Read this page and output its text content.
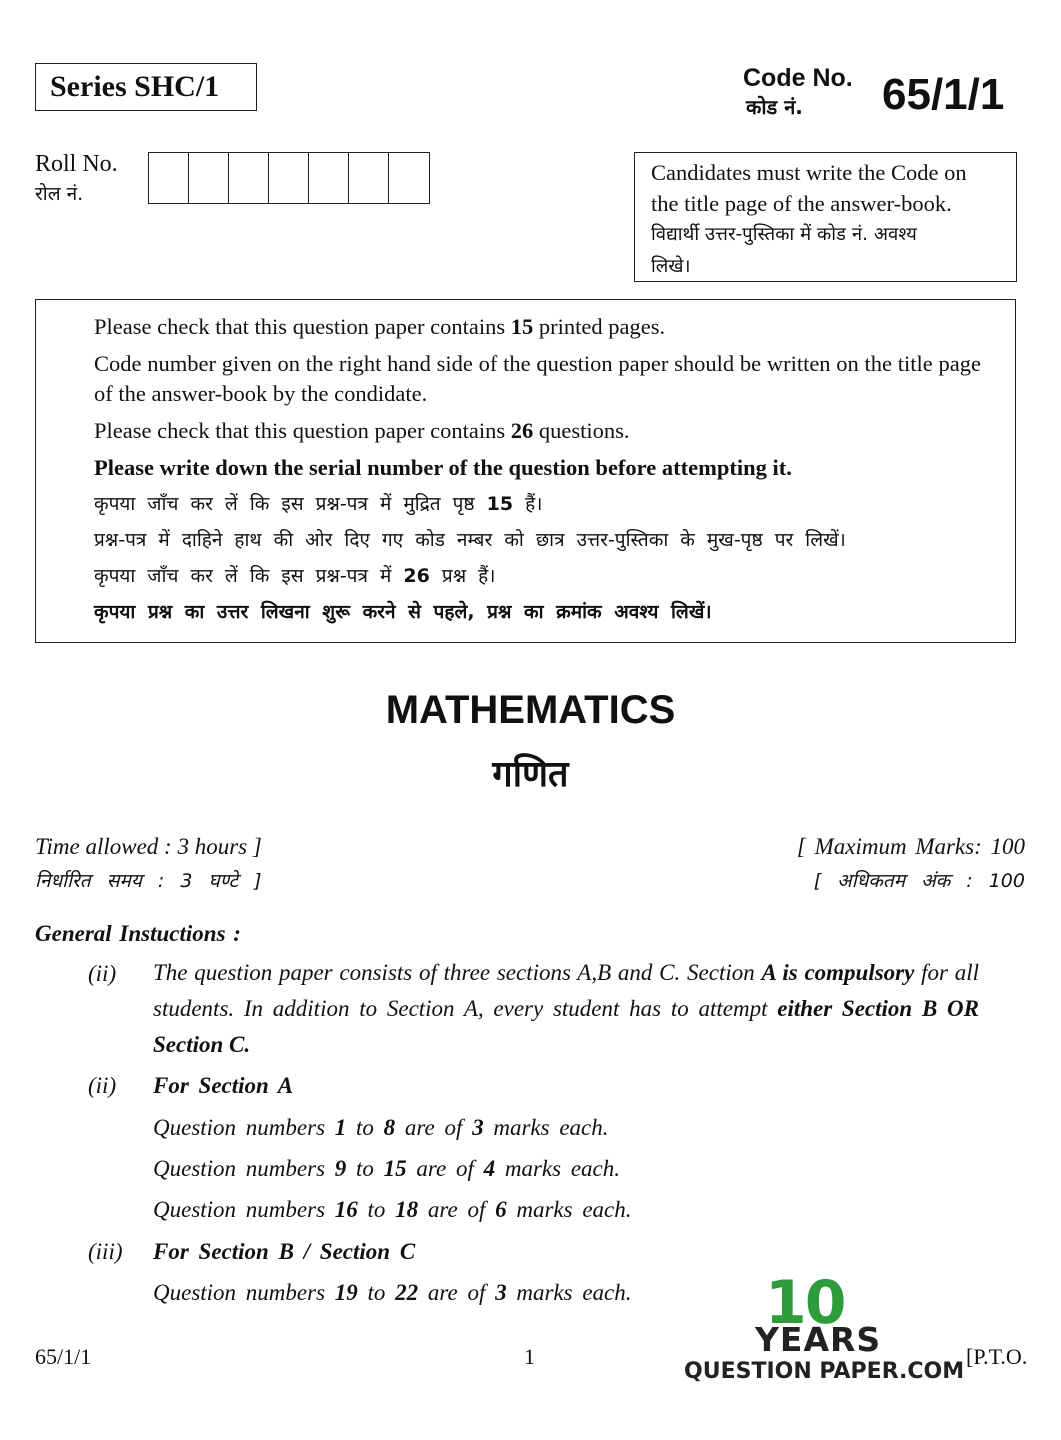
Series SHC/1	Code No.
कोड नं. 65/1/1
Roll No.
रोल नं.
Candidates must write the Code on
the title page of the answer-book.
विद्यार्थी उत्तर-पुस्तिका में कोड नं. अवश्य
लिखे।

Please check that this question paper contains 15 printed pages.

Code number given on the right hand side of the question paper should be written on the title page of the answer-book by the condidate.

Please check that this question paper contains 26 questions.

Please write down the serial number of the question before attempting it.

कृपया जाँच कर लें कि इस प्रश्न-पत्र में मुद्रित पृष्ठ 15 हैं।

प्रश्न-पत्र में दाहिने हाथ की ओर दिए गए कोड नम्बर को छात्र उत्तर-पुस्तिका के मुख-पृष्ठ पर लिखें।

कृपया जाँच कर लें कि इस प्रश्न-पत्र में 26 प्रश्न हैं।

कृपया प्रश्न का उत्तर लिखना शुरू करने से पहले, प्रश्न का क्रमांक अवश्य लिखें।

MATHEMATICS
गणित
Time allowed : 3 hours ]
निर्धारित समय : 3 घण्टे ]
[ Maximum Marks: 100
[ अधिकतम अंक : 100
General Instuctions :
(ii) The question paper consists of three sections A,B and C. Section A is compulsory for all students. In addition to Section A, every student has to attempt either Section B OR Section C.
(ii) For Section A
Question numbers 1 to 8 are of 3 marks each.
Question numbers 9 to 15 are of 4 marks each.
Question numbers 16 to 18 are of 6 marks each.
(iii) For Section B / Section C
Question numbers 19 to 22 are of 3 marks each. 10
YEARS
QUESTION PAPER.COM
65/1/1	1	[P.T.O.
